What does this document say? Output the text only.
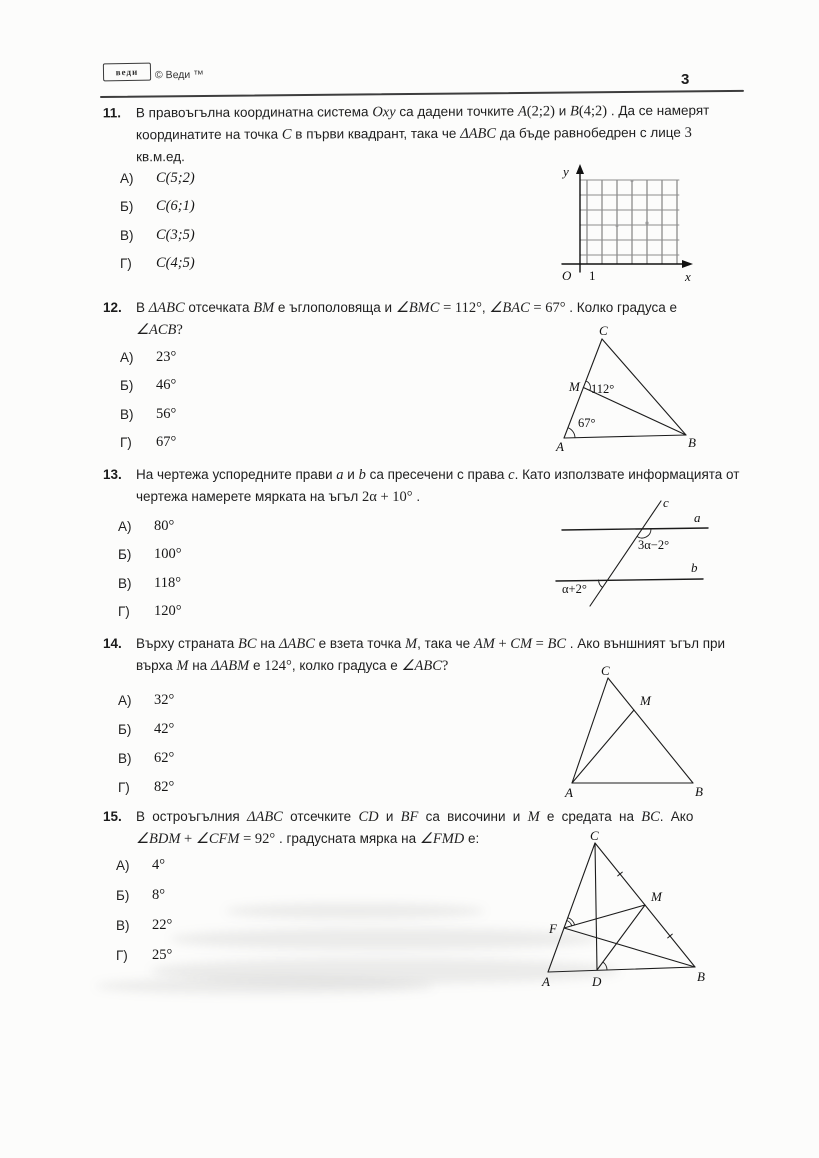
веди	© Веди ™	3
11.	В правоъгълна координатна система Oxy са дадени точките A(2;2) и B(4;2) . Да се намерят
координатите на точка C в първи квадрант, така че ΔABC да бъде равнобедрен с лице 3
кв.м.ед.
А)	C(5;2)
Б)	C(6;1)
В)	C(3;5)
Г)	C(4;5)
y
x
O 1
12.	В ΔABC отсечката BM е ъглополовяща и ∠BMC = 112°, ∠BAC = 67° . Колко градуса е
∠ACB?
А)	23°
Б)	46°
В)	56°
Г)	67°
C
A	B
M 112°
67°
13.	На чертежа успоредните прави a и b са пресечени с права c. Като използвате информацията от
чертежа намерете мярката на ъгъл 2α + 10° .
А)	80°
Б)	100°
В)	118°
Г)	120°
a
b
c
3α−2°
α+2°
14.	Върху страната BC на ΔABC е взета точка M, така че AM + CM = BC . Ако външният ъгъл при
върха M на ΔABM е 124°, колко градуса е ∠ABC?
А)	32°
Б)	42°
В)	62°
Г)	82°
C
A	B
M
15.	В остроъгълния ΔABC отсечките CD и BF са височини и M е средата на BC. Ако
∠BDM + ∠CFM = 92° . градусната мярка на ∠FMD е:
А)	4°
Б)	8°
В)	22°
Г)	25°
C
A	D	B
F
M
